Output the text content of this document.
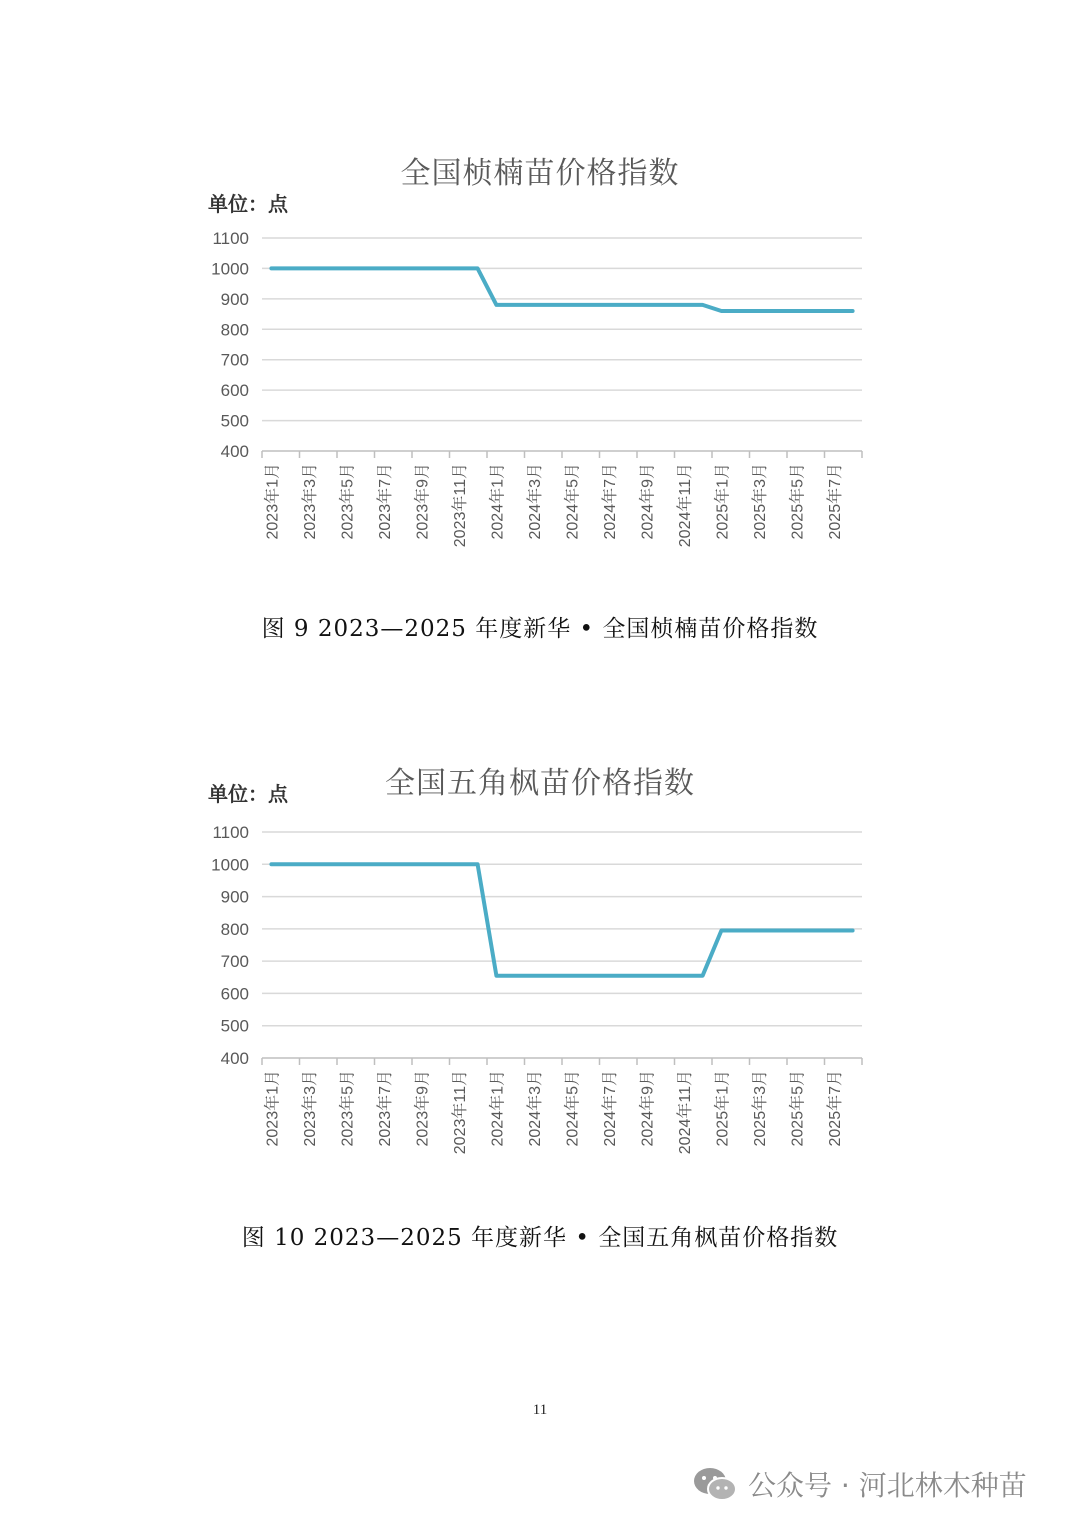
全国桢楠苗价格指数
单位：点
400
500
600
700
800
900
1000
1100
2023年1月 2023年3月 2023年5月 2023年7月 2023年9月 2023年11月 2024年1月 2024年3月 2024年5月 2024年7月 2024年9月 2024年11月 2025年1月 2025年3月 2025年5月 2025年7月
图 9 2023—2025 年度新华 • 全国桢楠苗价格指数
全国五角枫苗价格指数
单位：点
400
500
600
700
800
900
1000
1100
2023年1月 2023年3月 2023年5月 2023年7月 2023年9月 2023年11月 2024年1月 2024年3月 2024年5月 2024年7月 2024年9月 2024年11月 2025年1月 2025年3月 2025年5月 2025年7月
图 10 2023—2025 年度新华 • 全国五角枫苗价格指数
11
公众号 · 河北林木种苗
